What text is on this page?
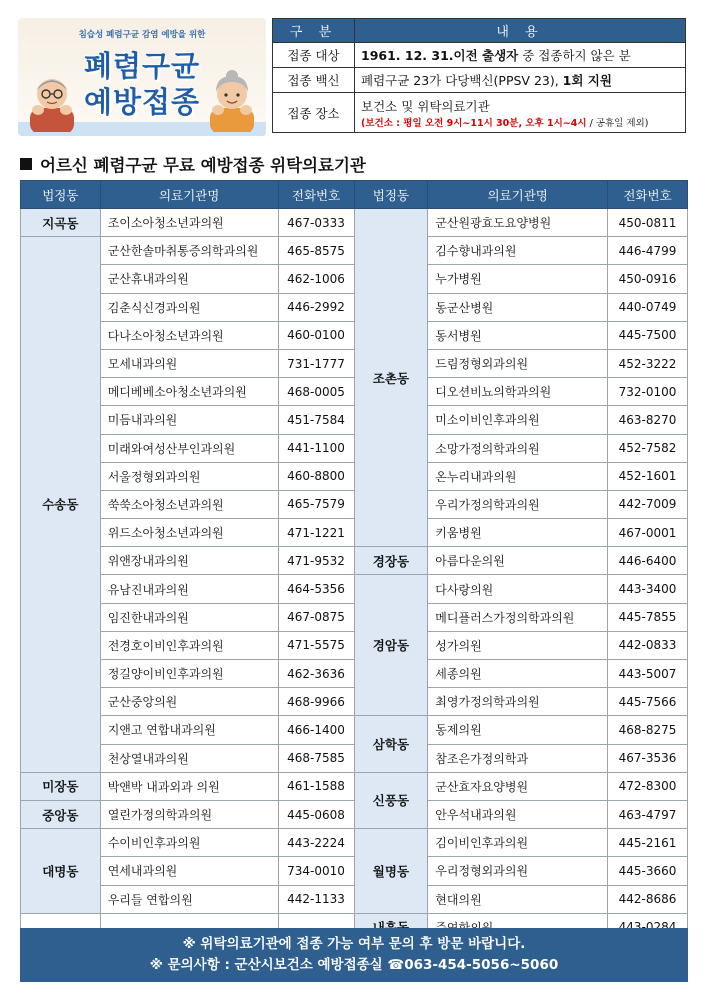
침습성 폐렴구균 감염 예방을 위한
폐렴구균
예방접종
구 분	내 용
접종 대상	1961. 12. 31.이전 출생자 중 접종하지 않은 분
접종 백신	폐렴구균 23가 다당백신(PPSV 23), 1회 지원
접종 장소	보건소 및 위탁의료기관
(보건소 : 평일 오전 9시~11시 30분, 오후 1시~4시 / 공휴일 제외)
어르신 폐렴구균 무료 예방접종 위탁의료기관
법정동	의료기관명	전화번호	법정동	의료기관명	전화번호
지곡동	조이소아청소년과의원	467-0333	조촌동	군산원광효도요양병원	450-0811
수송동	군산한솔마취통증의학과의원	465-8575		김수향내과의원	446-4799
	군산휴내과의원	462-1006		누가병원	450-0916
	김춘식신경과의원	446-2992		동군산병원	440-0749
	다나소아청소년과의원	460-0100		동서병원	445-7500
	모세내과의원	731-1777		드림정형외과의원	452-3222
	메디베베소아청소년과의원	468-0005		디오션비뇨의학과의원	732-0100
	미듬내과의원	451-7584		미소이비인후과의원	463-8270
	미래와여성산부인과의원	441-1100		소망가정의학과의원	452-7582
	서울정형외과의원	460-8800		온누리내과의원	452-1601
	쑥쑥소아청소년과의원	465-7579		우리가정의학과의원	442-7009
	위드소아청소년과의원	471-1221		키움병원	467-0001
	위앤장내과의원	471-9532	경장동	아름다운의원	446-6400
	유남진내과의원	464-5356	경암동	다사랑의원	443-3400
	임진한내과의원	467-0875		메디플러스가정의학과의원	445-7855
	전경호이비인후과의원	471-5575		성가의원	442-0833
	정길양이비인후과의원	462-3636		세종의원	443-5007
	군산중앙의원	468-9966		최영가정의학과의원	445-7566
	지앤고 연합내과의원	466-1400	삼학동	동제의원	468-8275
	천상열내과의원	468-7585		참조은가정의학과	467-3536
미장동	박앤박 내과외과 의원	461-1588	신풍동	군산효자요양병원	472-8300
중앙동	열린가정의학과의원	445-0608		안우석내과의원	463-4797
대명동	수이비인후과의원	443-2224	월명동	김이비인후과의원	445-2161
	연세내과의원	734-0010		우리정형외과의원	445-3660
	우리들 연합의원	442-1133		현대의원	442-8686

※ 위탁의료기관에 접종 가능 여부 문의 후 방문 바랍니다.
※ 문의사항 : 군산시보건소 예방접종실 ☎063-454-5056~5060
